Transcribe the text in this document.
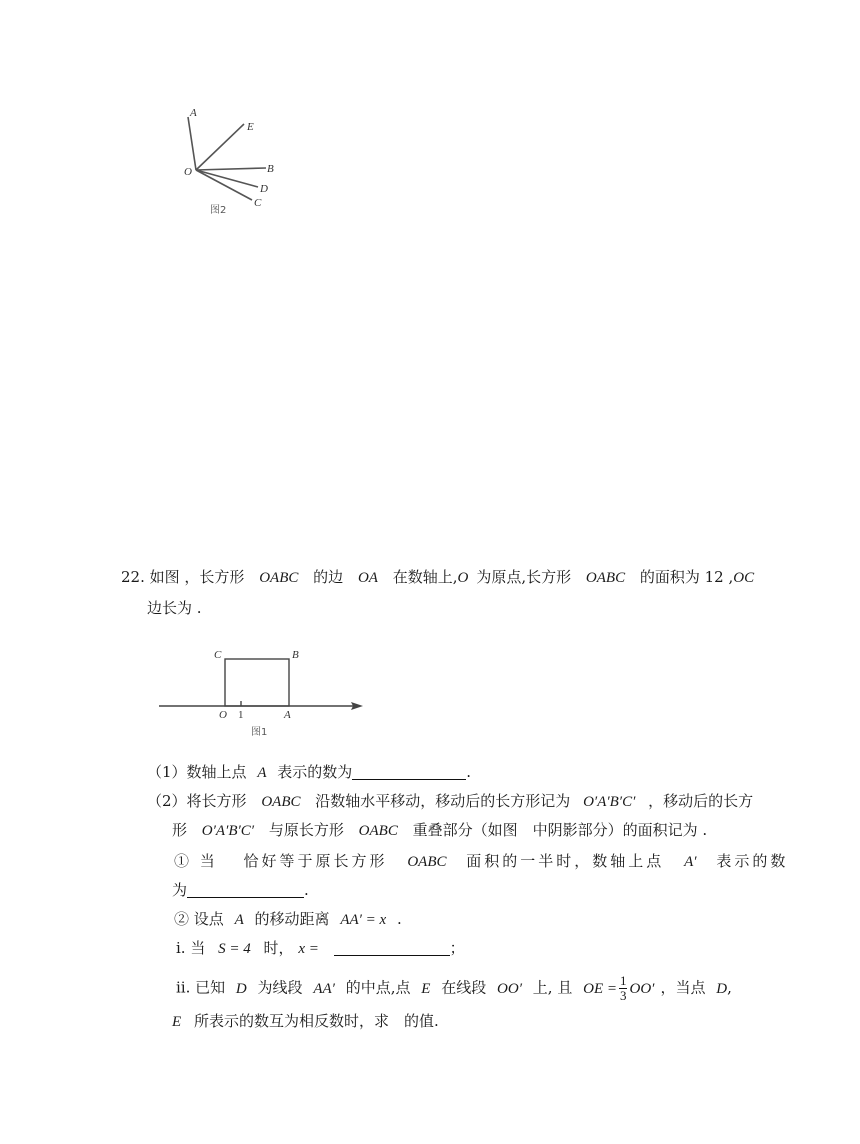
A
E
O	B
D
C
图2
22. 如图 ，长方形 OABC 的边 OA 在数轴上,O 为原点,长方形 OABC 的面积为 12 ,OC
边长为 .
C	B
O 1	A
图1
（1）数轴上点 A 表示的数为	.
（2）将长方形 OABC 沿数轴水平移动，移动后的长方形记为 O′A′B′C′ ，移动后的长方
形 O′A′B′C′ 与原长方形 OABC 重叠部分（如图　中阴影部分）的面积记为 .
① 当　 恰好等于原长方形 OABC 面积的一半时，数轴上点 A′ 表示的数
为	.
② 设点 A 的移动距离 AA′ = x .
ⅰ. 当 S = 4 时， x =	；
ⅱ. 已知 D 为线段 AA′ 的中点,点 E 在线段 OO′ 上, 且 OE = $\frac{1}{3} OO'$ ，当点 D,
E 所表示的数互为相反数时，求　的值.
